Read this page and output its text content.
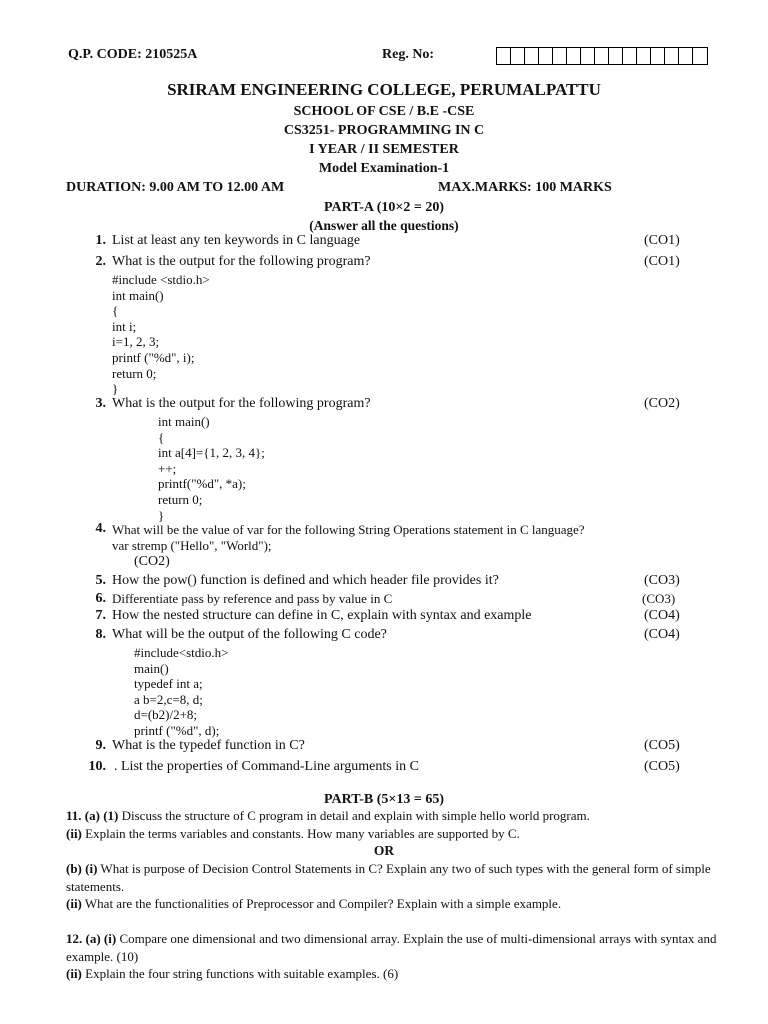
Q.P. CODE: 210525A	Reg. No:
SRIRAM ENGINEERING COLLEGE, PERUMALPATTU
SCHOOL OF CSE / B.E -CSE
CS3251- PROGRAMMING IN C
I YEAR / II SEMESTER
Model Examination-1
DURATION: 9.00 AM TO 12.00 AM	MAX.MARKS: 100 MARKS
PART-A (10×2 = 20)
(Answer all the questions)
1. List at least any ten keywords in C language	(CO1)
2. What is the output for the following program?	(CO1)
#include <stdio.h>
int main()
{
int i;
i=1, 2, 3;
printf ("%d", i);
return 0;
}
3. What is the output for the following program?	(CO2)
int main()
{
int a[4]={1, 2, 3, 4};
++;
printf("%d", *a);
return 0;
}
4. What will be the value of var for the following String Operations statement in C language?
var stremp ("Hello", "World");
(CO2)
5. How the pow() function is defined and which header file provides it?	(CO3)
6. Differentiate pass by reference and pass by value in C	(CO3)
7. How the nested structure can define in C, explain with syntax and example	(CO4)
8. What will be the output of the following C code?	(CO4)
#include<stdio.h>
main()
typedef int a;
a b=2,c=8, d;
d=(b2)/2+8;
printf ("%d", d);
9. What is the typedef function in C?	(CO5)
10. . List the properties of Command-Line arguments in C	(CO5)
PART-B (5×13 = 65)
11. (a) (1) Discuss the structure of C program in detail and explain with simple hello world program.
(ii) Explain the terms variables and constants. How many variables are supported by C.
OR
(b) (i) What is purpose of Decision Control Statements in C? Explain any two of such types with the general form of simple statements.
(ii) What are the functionalities of Preprocessor and Compiler? Explain with a simple example.
12. (a) (i) Compare one dimensional and two dimensional array. Explain the use of multi-dimensional arrays with syntax and example. (10)
(ii) Explain the four string functions with suitable examples. (6)
